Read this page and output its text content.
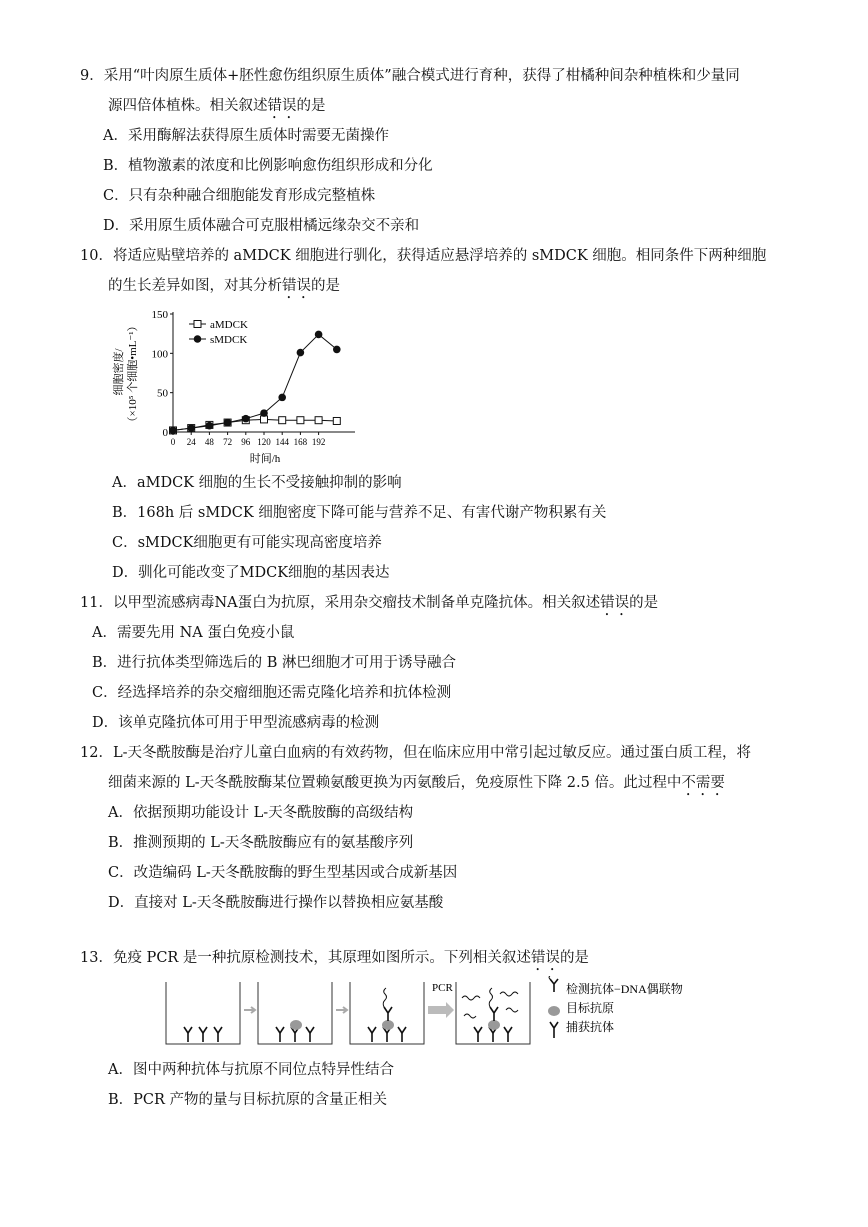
9．采用“叶肉原生质体+胚性愈伤组织原生质体”融合模式进行育种，获得了柑橘种间杂种植株和少量同
源四倍体植株。相关叙述错误的是
A．采用酶解法获得原生质体时需要无菌操作
B．植物激素的浓度和比例影响愈伤组织形成和分化
C．只有杂种融合细胞能发育形成完整植株
D．采用原生质体融合可克服柑橘远缘杂交不亲和
10．将适应贴壁培养的 aMDCK 细胞进行驯化，获得适应悬浮培养的 sMDCK 细胞。相同条件下两种细胞
的生长差异如图，对其分析错误的是
0
50
100
150
0 24 48 72 96 120 144 168 192
aMDCK
sMDCK
细胞密度/ （×10⁵ 个细胞•mL⁻¹）
时间/h
A．aMDCK 细胞的生长不受接触抑制的影响
B．168h 后 sMDCK 细胞密度下降可能与营养不足、有害代谢产物积累有关
C．sMDCK细胞更有可能实现高密度培养
D．驯化可能改变了MDCK细胞的基因表达
11．以甲型流感病毒NA蛋白为抗原，采用杂交瘤技术制备单克隆抗体。相关叙述错误的是
A．需要先用 NA 蛋白免疫小鼠
B．进行抗体类型筛选后的 B 淋巴细胞才可用于诱导融合
C．经选择培养的杂交瘤细胞还需克隆化培养和抗体检测
D．该单克隆抗体可用于甲型流感病毒的检测
12．L-天冬酰胺酶是治疗儿童白血病的有效药物，但在临床应用中常引起过敏反应。通过蛋白质工程，将
细菌来源的 L-天冬酰胺酶某位置赖氨酸更换为丙氨酸后，免疫原性下降 2.5 倍。此过程中不需要
A．依据预期功能设计 L-天冬酰胺酶的高级结构
B．推测预期的 L-天冬酰胺酶应有的氨基酸序列
C．改造编码 L-天冬酰胺酶的野生型基因或合成新基因
D．直接对 L-天冬酰胺酶进行操作以替换相应氨基酸
13．免疫 PCR 是一种抗原检测技术，其原理如图所示。下列相关叙述错误的是
PCR	检测抗体−DNA偶联物
目标抗原
捕获抗体
A．图中两种抗体与抗原不同位点特异性结合
B．PCR 产物的量与目标抗原的含量正相关
